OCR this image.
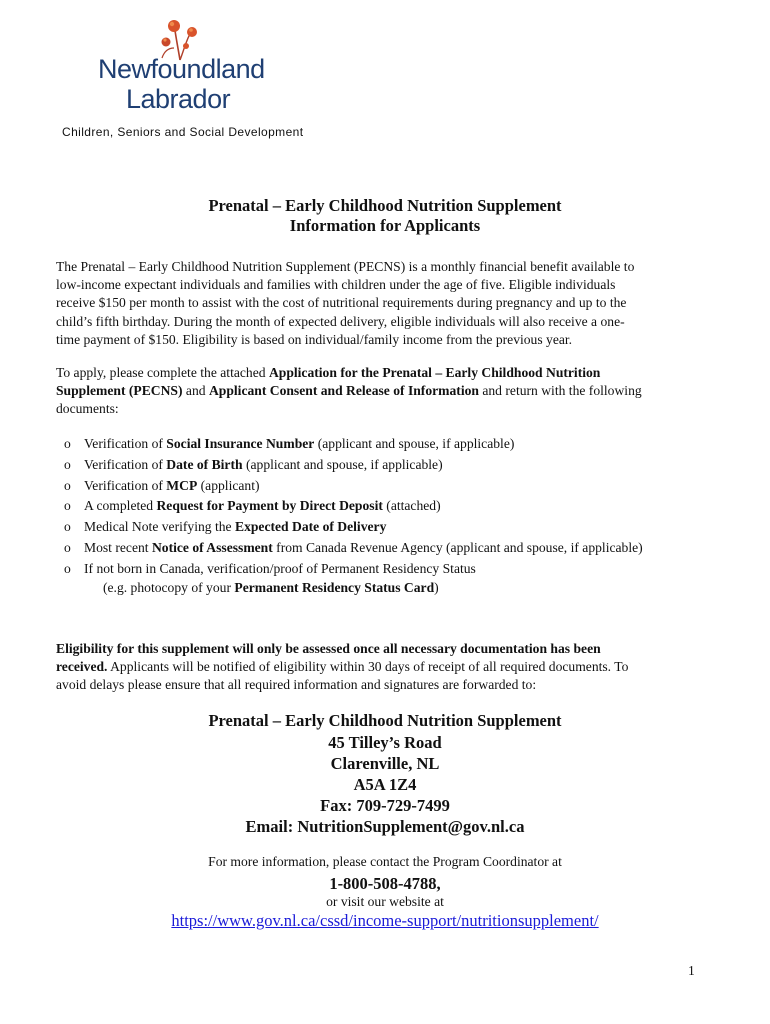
Newfoundland
Labrador
Children, Seniors and Social Development
Prenatal – Early Childhood Nutrition Supplement
Information for Applicants
The Prenatal – Early Childhood Nutrition Supplement (PECNS) is a monthly financial benefit available to
low-income expectant individuals and families with children under the age of five. Eligible individuals
receive $150 per month to assist with the cost of nutritional requirements during pregnancy and up to the
child’s fifth birthday. During the month of expected delivery, eligible individuals will also receive a one-
time payment of $150. Eligibility is based on individual/family income from the previous year.
To apply, please complete the attached Application for the Prenatal – Early Childhood Nutrition
Supplement (PECNS) and Applicant Consent and Release of Information and return with the following
documents:
o Verification of Social Insurance Number (applicant and spouse, if applicable)
o Verification of Date of Birth (applicant and spouse, if applicable)
o Verification of MCP (applicant)
o A completed Request for Payment by Direct Deposit (attached)
o Medical Note verifying the Expected Date of Delivery
o Most recent Notice of Assessment from Canada Revenue Agency (applicant and spouse, if applicable)
o If not born in Canada, verification/proof of Permanent Residency Status
(e.g. photocopy of your Permanent Residency Status Card)
Eligibility for this supplement will only be assessed once all necessary documentation has been
received. Applicants will be notified of eligibility within 30 days of receipt of all required documents. To
avoid delays please ensure that all required information and signatures are forwarded to:
Prenatal – Early Childhood Nutrition Supplement
45 Tilley’s Road
Clarenville, NL
A5A 1Z4
Fax: 709-729-7499
Email: NutritionSupplement@gov.nl.ca
For more information, please contact the Program Coordinator at
1-800-508-4788,
or visit our website at
https://www.gov.nl.ca/cssd/income-support/nutritionsupplement/
1
